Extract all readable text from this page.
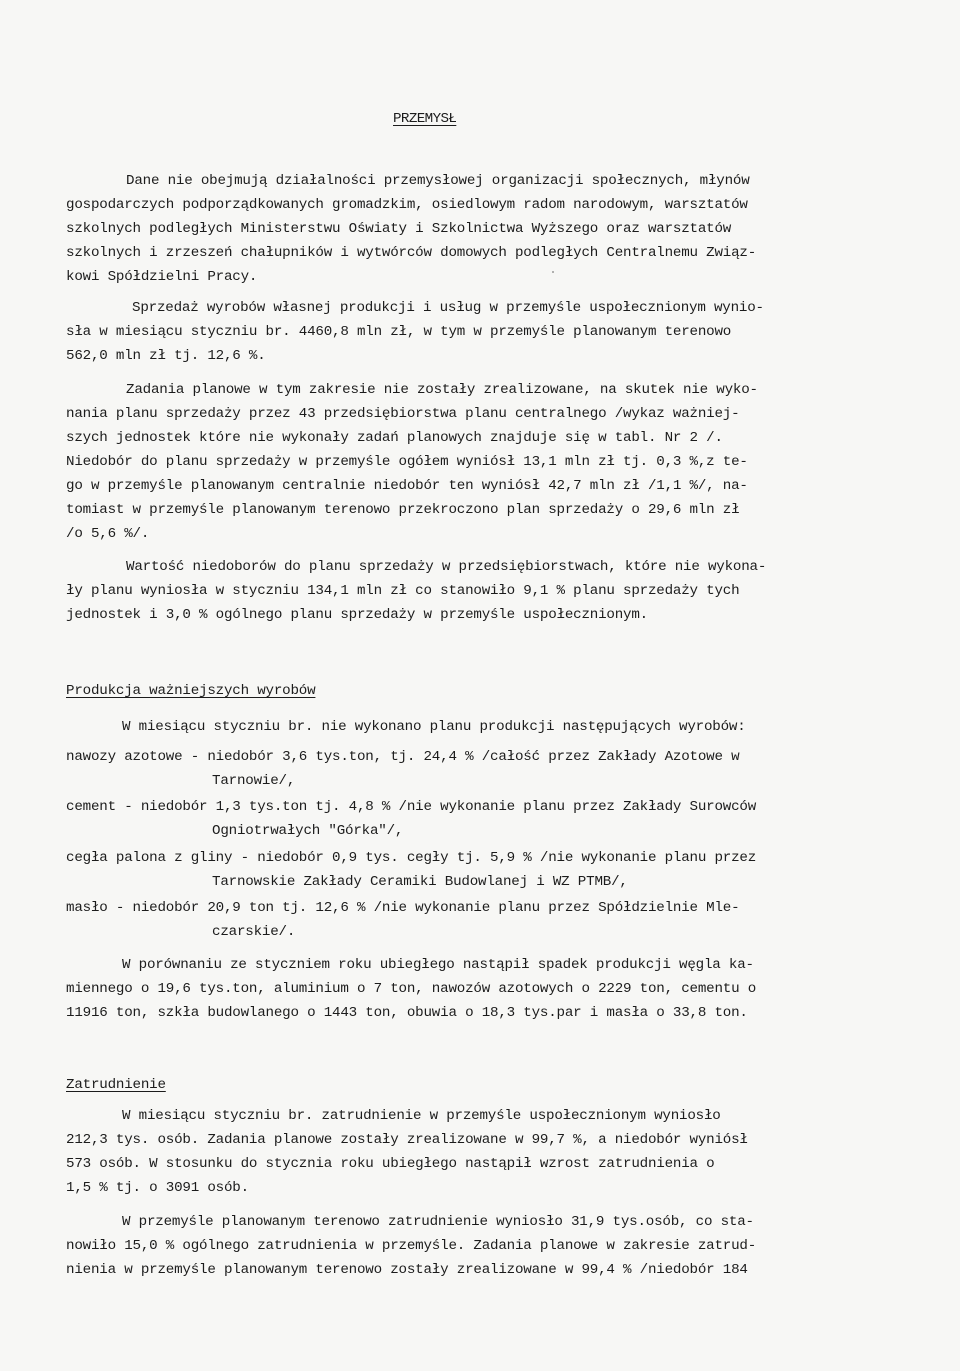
PRZEMYSŁ
Dane nie obejmują działalności przemysłowej organizacji społecznych, młynów
gospodarczych podporządkowanych gromadzkim, osiedlowym radom narodowym, warsztatów
szkolnych podległych Ministerstwu Oświaty i Szkolnictwa Wyższego oraz warsztatów
szkolnych i zrzeszeń chałupników i wytwórców domowych podległych Centralnemu Związ-
kowi Spółdzielni Pracy.
Sprzedaż wyrobów własnej produkcji i usług w przemyśle uspołecznionym wynio-
sła w miesiącu styczniu br. 4460,8 mln zł, w tym w przemyśle planowanym terenowo
562,0 mln zł tj. 12,6 %.
Zadania planowe w tym zakresie nie zostały zrealizowane, na skutek nie wyko-
nania planu sprzedaży przez 43 przedsiębiorstwa planu centralnego /wykaz ważniej-
szych jednostek które nie wykonały zadań planowych znajduje się w tabl. Nr 2 /.
Niedobór do planu sprzedaży w przemyśle ogółem wyniósł 13,1 mln zł tj. 0,3 %,z te-
go w przemyśle planowanym centralnie niedobór ten wyniósł 42,7 mln zł /1,1 %/, na-
tomiast w przemyśle planowanym terenowo przekroczono plan sprzedaży o 29,6 mln zł
/o 5,6 %/.
Wartość niedoborów do planu sprzedaży w przedsiębiorstwach, które nie wykona-
ły planu wyniosła w styczniu 134,1 mln zł co stanowiło 9,1 % planu sprzedaży tych
jednostek i 3,0 % ogólnego planu sprzedaży w przemyśle uspołecznionym.
Produkcja ważniejszych wyrobów
W miesiącu styczniu br. nie wykonano planu produkcji następujących wyrobów:
nawozy azotowe - niedobór 3,6 tys.ton, tj. 24,4 % /całość przez Zakłady Azotowe w
Tarnowie/,
cement - niedobór 1,3 tys.ton tj. 4,8 % /nie wykonanie planu przez Zakłady Surowców
Ogniotrwałych "Górka"/,
cegła palona z gliny - niedobór 0,9 tys. cegły tj. 5,9 % /nie wykonanie planu przez
Tarnowskie Zakłady Ceramiki Budowlanej i WZ PTMB/,
masło - niedobór 20,9 ton tj. 12,6 % /nie wykonanie planu przez Spółdzielnie Mle-
czarskie/.
W porównaniu ze styczniem roku ubiegłego nastąpił spadek produkcji węgla ka-
miennego o 19,6 tys.ton, aluminium o 7 ton, nawozów azotowych o 2229 ton, cementu o
11916 ton, szkła budowlanego o 1443 ton, obuwia o 18,3 tys.par i masła o 33,8 ton.
Zatrudnienie
W miesiącu styczniu br. zatrudnienie w przemyśle uspołecznionym wyniosło
212,3 tys. osób. Zadania planowe zostały zrealizowane w 99,7 %, a niedobór wyniósł
573 osób. W stosunku do stycznia roku ubiegłego nastąpił wzrost zatrudnienia o
1,5 % tj. o 3091 osób.
W przemyśle planowanym terenowo zatrudnienie wyniosło 31,9 tys.osób, co sta-
nowiło 15,0 % ogólnego zatrudnienia w przemyśle. Zadania planowe w zakresie zatrud-
nienia w przemyśle planowanym terenowo zostały zrealizowane w 99,4 % /niedobór 184
